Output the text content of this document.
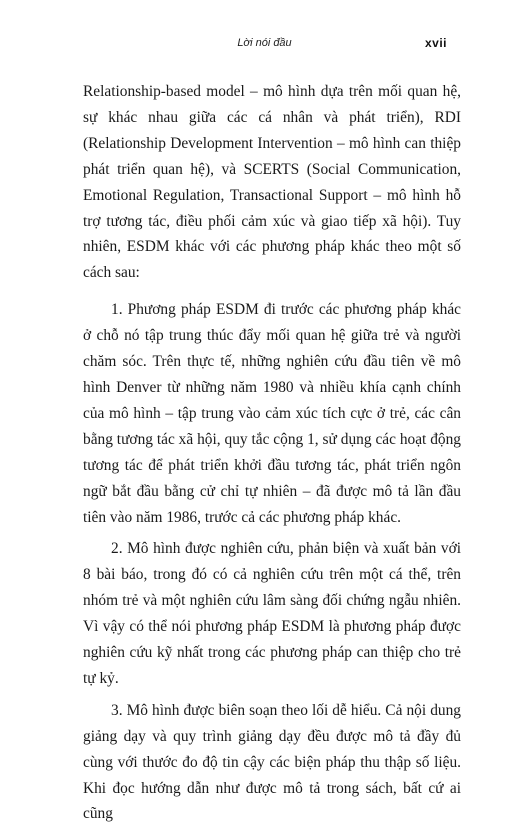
Lời nói đầu	xvii

Relationship-based model – mô hình dựa trên mối quan hệ, sự khác nhau giữa các cá nhân và phát triển), RDI (Relationship Development Intervention – mô hình can thiệp phát triển quan hệ), và SCERTS (Social Communication, Emotional Regulation, Transactional Support – mô hình hỗ trợ tương tác, điều phối cảm xúc và giao tiếp xã hội). Tuy nhiên, ESDM khác với các phương pháp khác theo một số cách sau:

1. Phương pháp ESDM đi trước các phương pháp khác ở chỗ nó tập trung thúc đẩy mối quan hệ giữa trẻ và người chăm sóc. Trên thực tế, những nghiên cứu đầu tiên về mô hình Denver từ những năm 1980 và nhiều khía cạnh chính của mô hình – tập trung vào cảm xúc tích cực ở trẻ, các cân bằng tương tác xã hội, quy tắc cộng 1, sử dụng các hoạt động tương tác để phát triển khởi đầu tương tác, phát triển ngôn ngữ bắt đầu bằng cử chỉ tự nhiên – đã được mô tả lần đầu tiên vào năm 1986, trước cả các phương pháp khác.

2. Mô hình được nghiên cứu, phản biện và xuất bản với 8 bài báo, trong đó có cả nghiên cứu trên một cá thể, trên nhóm trẻ và một nghiên cứu lâm sàng đối chứng ngẫu nhiên. Vì vậy có thể nói phương pháp ESDM là phương pháp được nghiên cứu kỹ nhất trong các phương pháp can thiệp cho trẻ tự kỷ.

3. Mô hình được biên soạn theo lối dễ hiểu. Cả nội dung giảng dạy và quy trình giảng dạy đều được mô tả đầy đủ cùng với thước đo độ tin cậy các biện pháp thu thập số liệu. Khi đọc hướng dẫn như được mô tả trong sách, bất cứ ai cũng
